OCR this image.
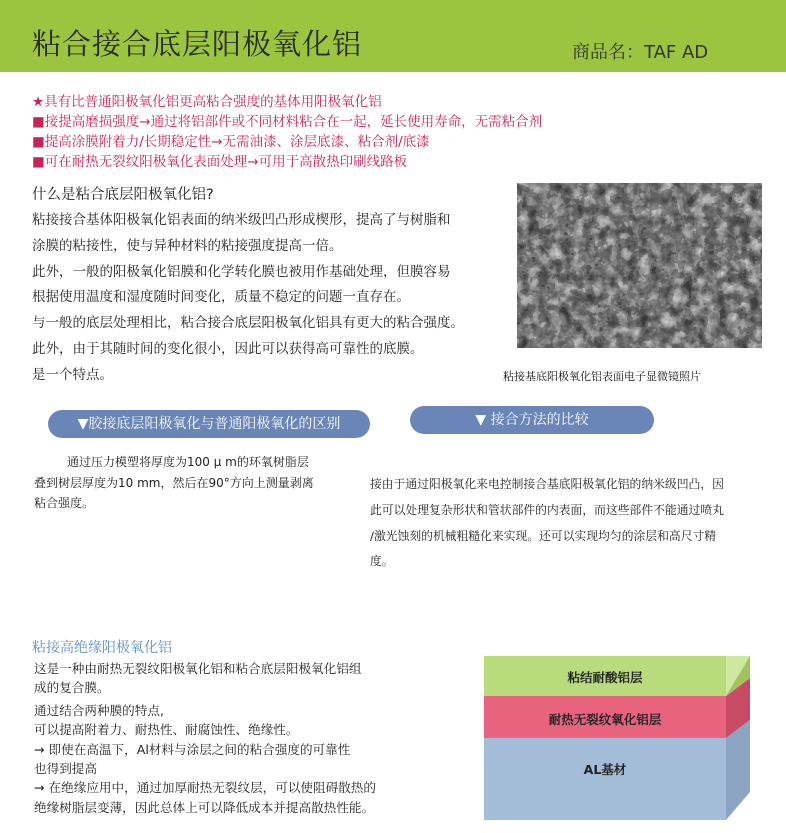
粘合接合底层阳极氧化铝	商品名：TAF AD
★具有比普通阳极氧化铝更高粘合强度的基体用阳极氧化铝
■接提高磨损强度→通过将铝部件或不同材料粘合在一起，延长使用寿命，无需粘合剂
■提高涂膜附着力/长期稳定性→无需油漆、涂层底漆、粘合剂/底漆
■可在耐热无裂纹阳极氧化表面处理→可用于高散热印刷线路板
什么是粘合底层阳极氧化铝?
粘接接合基体阳极氧化铝表面的纳米级凹凸形成楔形，提高了与树脂和
涂膜的粘接性，使与异种材料的粘接强度提高一倍。
此外，一般的阳极氧化铝膜和化学转化膜也被用作基础处理，但膜容易
根据使用温度和湿度随时间变化，质量不稳定的问题一直存在。
与一般的底层处理相比，粘合接合底层阳极氧化铝具有更大的粘合强度。
此外，由于其随时间的变化很小，因此可以获得高可靠性的底膜。
是一个特点。	粘接基底阳极氧化铝表面电子显微镜照片
▼胶接底层阳极氧化与普通阳极氧化的区别	▼ 接合方法的比较
通过压力模塑将厚度为100 μ m的环氧树脂层
叠到树层厚度为10 mm，然后在90°方向上测量剥离
粘合强度。
接由于通过阳极氧化来电控制接合基底阳极氧化铝的纳米级凹凸，因
此可以处理复杂形状和管状部件的内表面，而这些部件不能通过喷丸
/激光蚀刻的机械粗糙化来实现。还可以实现均匀的涂层和高尺寸精
度。
粘接高绝缘阳极氧化铝
这是一种由耐热无裂纹阳极氧化铝和粘合底层阳极氧化铝组
成的复合膜。
通过结合两种膜的特点,
可以提高附着力、耐热性、耐腐蚀性、绝缘性。
→ 即使在高温下，Al材料与涂层之间的粘合强度的可靠性
也得到提高
→ 在绝缘应用中，通过加厚耐热无裂纹层，可以使阻碍散热的
绝缘树脂层变薄，因此总体上可以降低成本并提高散热性能。
粘结耐酸铝层
耐热无裂纹氧化铝层
AL基材
